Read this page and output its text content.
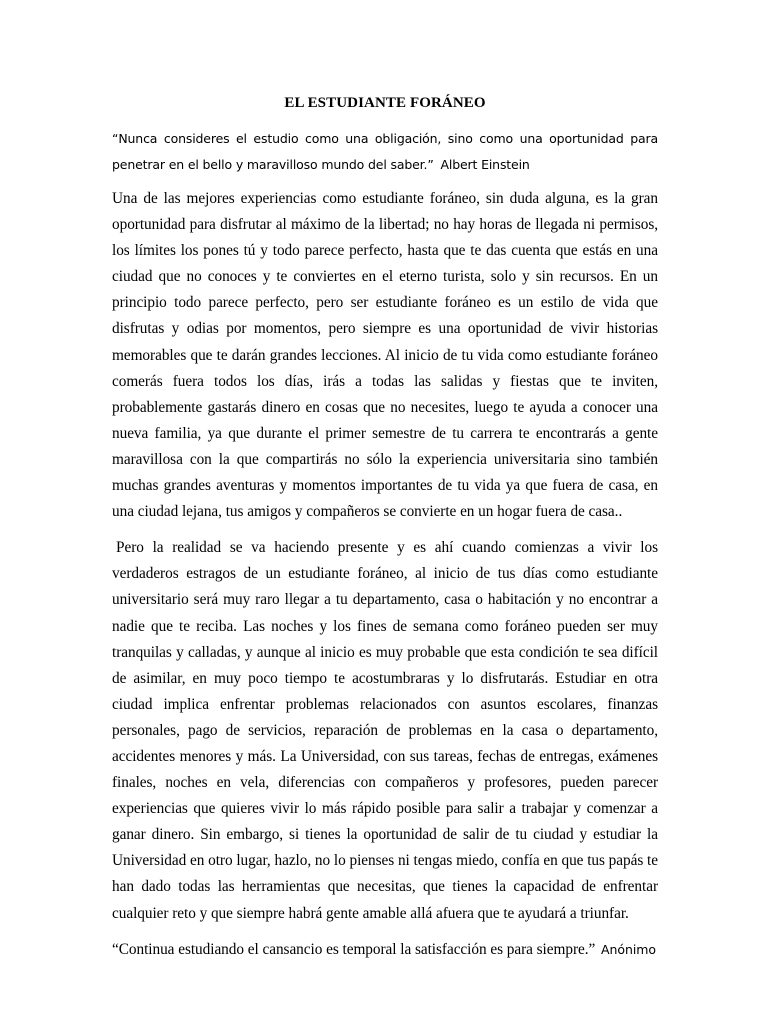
EL ESTUDIANTE FORÁNEO

“Nunca consideres el estudio como una obligación, sino como una oportunidad para penetrar en el bello y maravilloso mundo del saber.” Albert Einstein

Una de las mejores experiencias como estudiante foráneo, sin duda alguna, es la gran oportunidad para disfrutar al máximo de la libertad; no hay horas de llegada ni permisos, los límites los pones tú y todo parece perfecto, hasta que te das cuenta que estás en una ciudad que no conoces y te conviertes en el eterno turista, solo y sin recursos. En un principio todo parece perfecto, pero ser estudiante foráneo es un estilo de vida que disfrutas y odias por momentos, pero siempre es una oportunidad de vivir historias memorables que te darán grandes lecciones. Al inicio de tu vida como estudiante foráneo comerás fuera todos los días, irás a todas las salidas y fiestas que te inviten, probablemente gastarás dinero en cosas que no necesites, luego te ayuda a conocer una nueva familia, ya que durante el primer semestre de tu carrera te encontrarás a gente maravillosa con la que compartirás no sólo la experiencia universitaria sino también muchas grandes aventuras y momentos importantes de tu vida ya que fuera de casa, en una ciudad lejana, tus amigos y compañeros se convierte en un hogar fuera de casa..

Pero la realidad se va haciendo presente y es ahí cuando comienzas a vivir los verdaderos estragos de un estudiante foráneo, al inicio de tus días como estudiante universitario será muy raro llegar a tu departamento, casa o habitación y no encontrar a nadie que te reciba. Las noches y los fines de semana como foráneo pueden ser muy tranquilas y calladas, y aunque al inicio es muy probable que esta condición te sea difícil de asimilar, en muy poco tiempo te acostumbraras y lo disfrutarás. Estudiar en otra ciudad implica enfrentar problemas relacionados con asuntos escolares, finanzas personales, pago de servicios, reparación de problemas en la casa o departamento, accidentes menores y más. La Universidad, con sus tareas, fechas de entregas, exámenes finales, noches en vela, diferencias con compañeros y profesores, pueden parecer experiencias que quieres vivir lo más rápido posible para salir a trabajar y comenzar a ganar dinero. Sin embargo, si tienes la oportunidad de salir de tu ciudad y estudiar la Universidad en otro lugar, hazlo, no lo pienses ni tengas miedo, confía en que tus papás te han dado todas las herramientas que necesitas, que tienes la capacidad de enfrentar cualquier reto y que siempre habrá gente amable allá afuera que te ayudará a triunfar.

“Continua estudiando el cansancio es temporal la satisfacción es para siempre.” Anónimo
